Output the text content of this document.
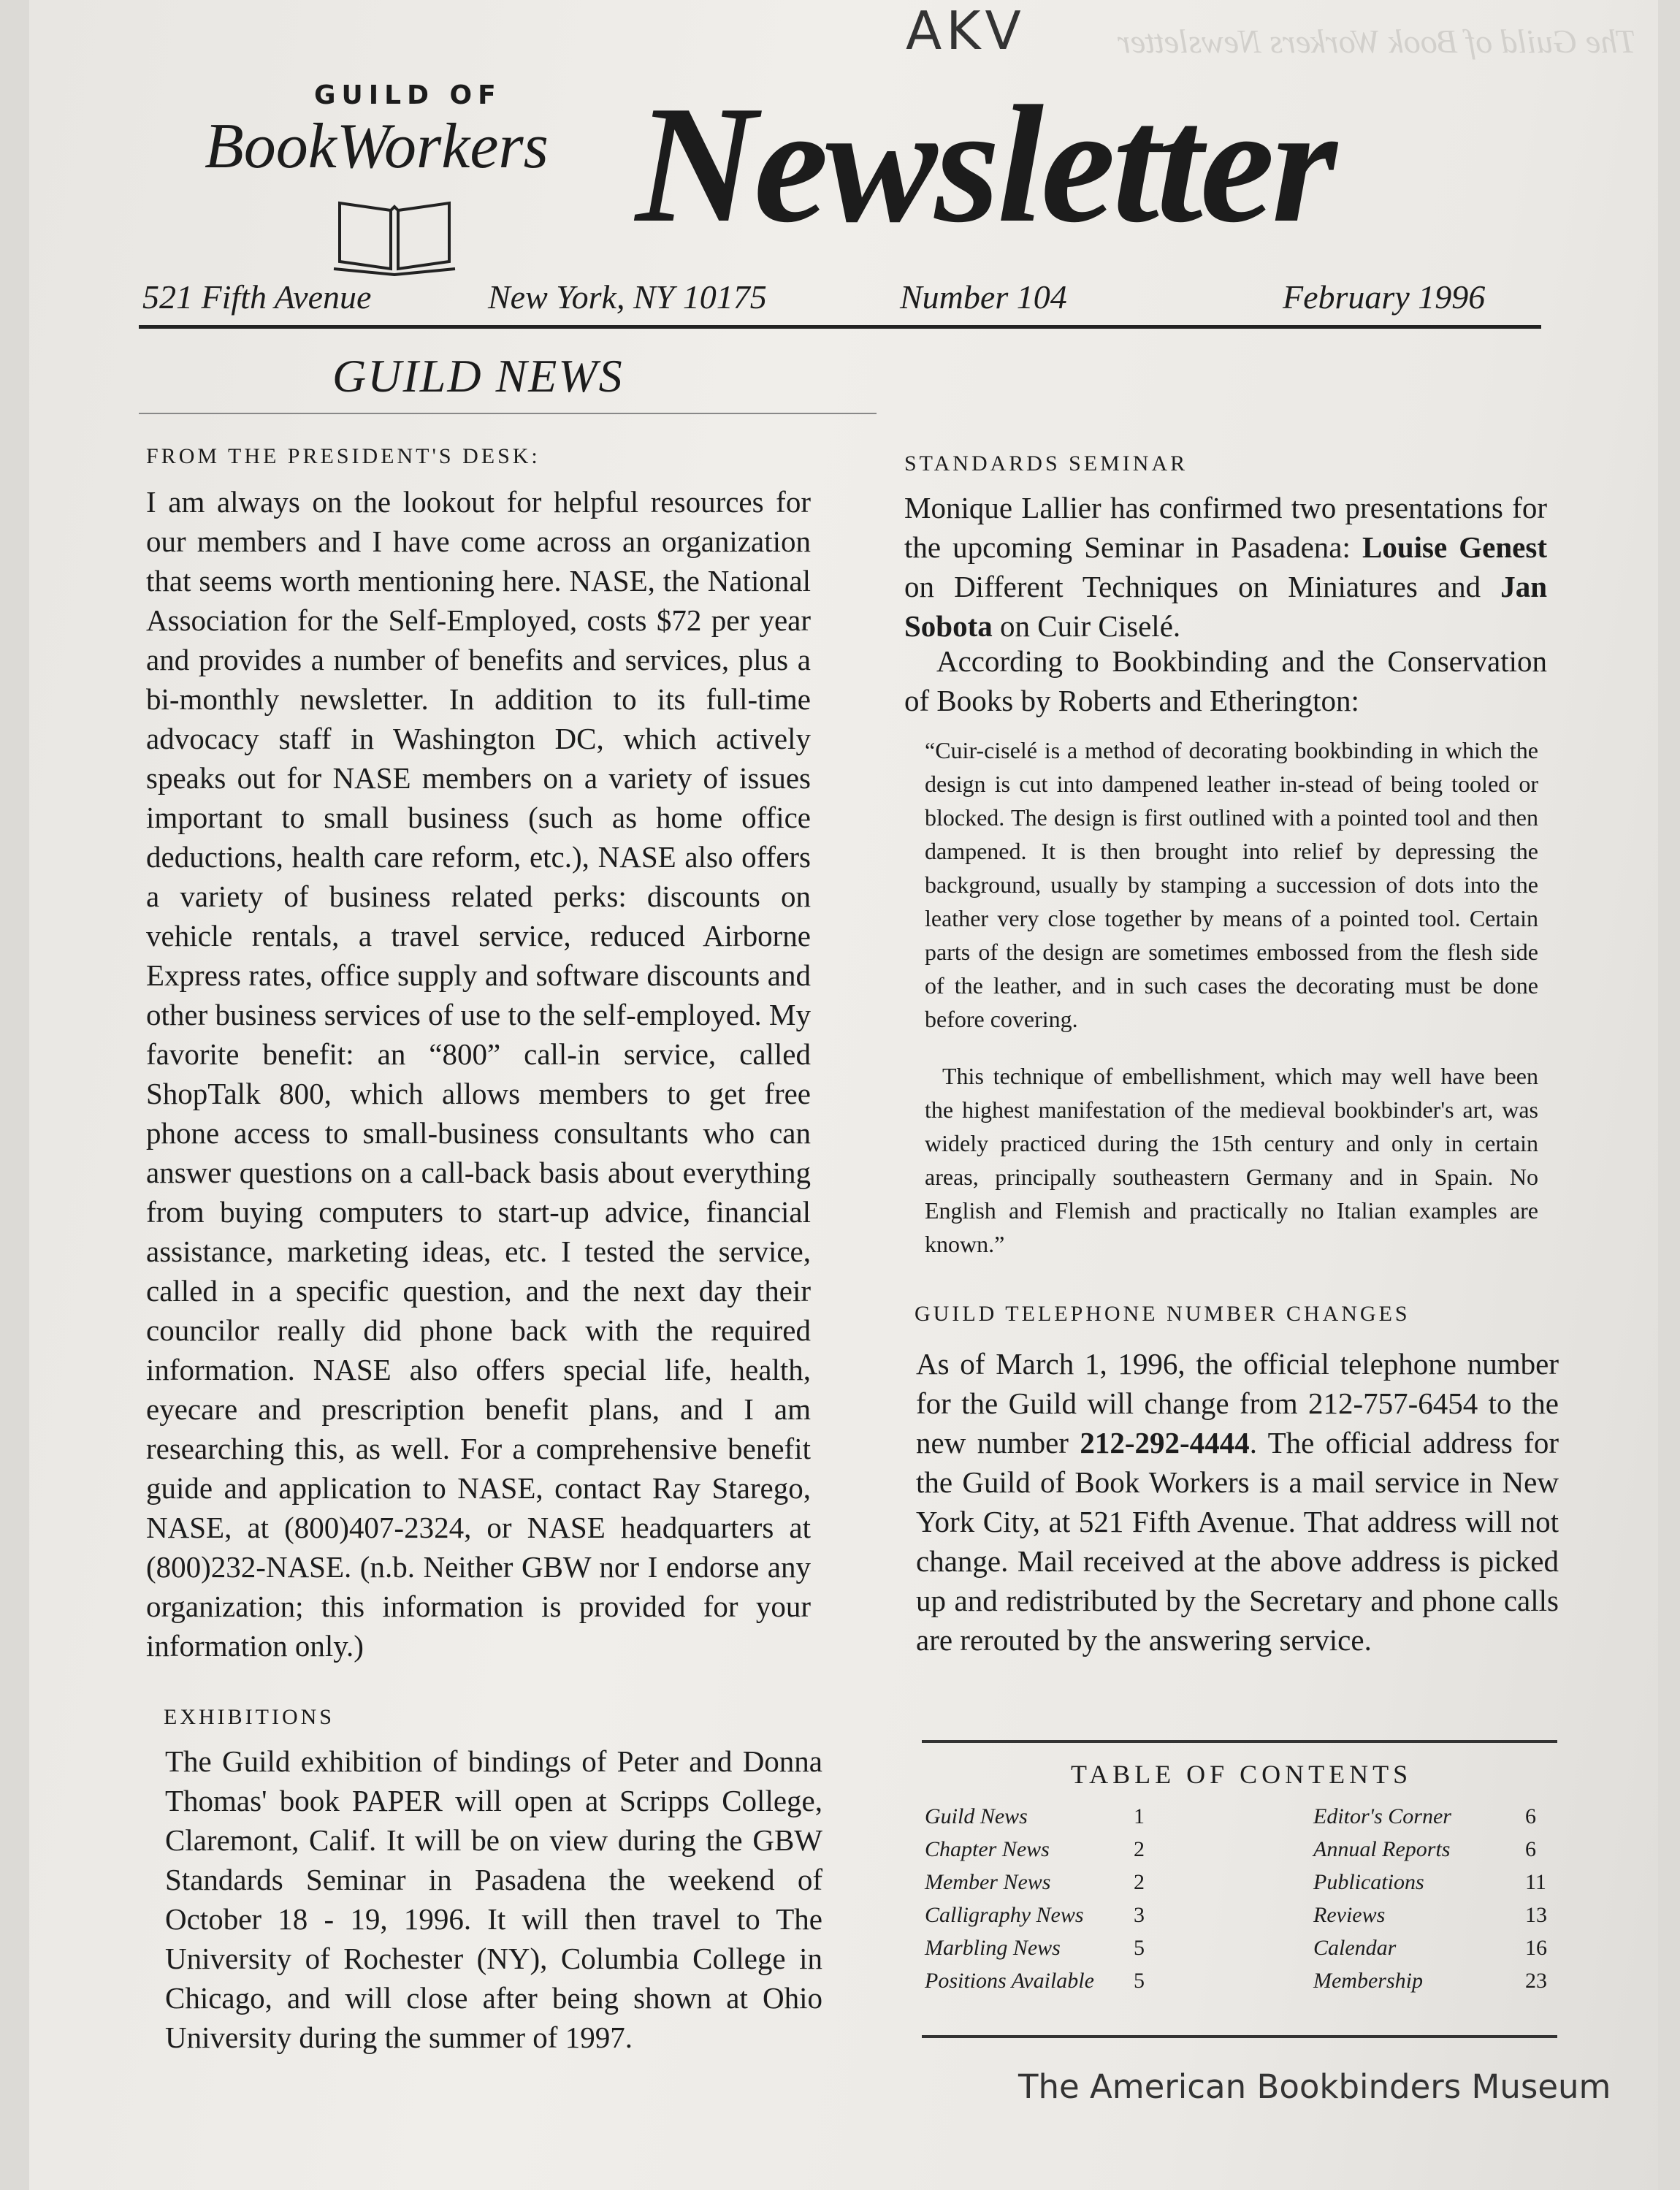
The Guild of Book Workers Newsletter
AKV
GUILD OF
BookWorkers Newsletter
521 Fifth Avenue	New York, NY 10175	Number 104	February 1996
GUILD NEWS
FROM THE PRESIDENT'S DESK:
I am always on the lookout for helpful resources for our members and I have come across an organization that seems worth mentioning here. NASE, the National Association for the Self-Employed, costs $72 per year and provides a number of benefits and services, plus a bi-monthly newsletter. In addition to its full-time advocacy staff in Washington DC, which actively speaks out for NASE members on a variety of issues important to small business (such as home office deductions, health care reform, etc.), NASE also offers a variety of business related perks: discounts on vehicle rentals, a travel service, reduced Airborne Express rates, office supply and software discounts and other business services of use to the self-employed. My favorite benefit: an “800” call-in service, called ShopTalk 800, which allows members to get free phone access to small-business consultants who can answer questions on a call-back basis about everything from buying computers to start-up advice, financial assistance, marketing ideas, etc. I tested the service, called in a specific question, and the next day their councilor really did phone back with the required information. NASE also offers special life, health, eyecare and prescription benefit plans, and I am researching this, as well. For a comprehensive benefit guide and application to NASE, contact Ray Starego, NASE, at (800)407-2324, or NASE headquarters at (800)232-NASE. (n.b. Neither GBW nor I endorse any organization; this information is provided for your information only.)
EXHIBITIONS
The Guild exhibition of bindings of Peter and Donna Thomas' book PAPER will open at Scripps College, Claremont, Calif. It will be on view during the GBW Standards Seminar in Pasadena the weekend of October 18 - 19, 1996. It will then travel to The University of Rochester (NY), Columbia College in Chicago, and will close after being shown at Ohio University during the summer of 1997.
STANDARDS SEMINAR
Monique Lallier has confirmed two presentations for the upcoming Seminar in Pasadena: Louise Genest on Different Techniques on Miniatures and Jan Sobota on Cuir Ciselé.
According to Bookbinding and the Conservation of Books by Roberts and Etherington:
“Cuir-ciselé is a method of decorating bookbinding in which the design is cut into dampened leather in-stead of being tooled or blocked. The design is first outlined with a pointed tool and then dampened. It is then brought into relief by depressing the background, usually by stamping a succession of dots into the leather very close together by means of a pointed tool. Certain parts of the design are sometimes embossed from the flesh side of the leather, and in such cases the decorating must be done before covering.
This technique of embellishment, which may well have been the highest manifestation of the medieval bookbinder's art, was widely practiced during the 15th century and only in certain areas, principally southeastern Germany and in Spain. No English and Flemish and practically no Italian examples are known.”
GUILD TELEPHONE NUMBER CHANGES
As of March 1, 1996, the official telephone number for the Guild will change from 212-757-6454 to the new number 212-292-4444. The official address for the Guild of Book Workers is a mail service in New York City, at 521 Fifth Avenue. That address will not change. Mail received at the above address is picked up and redistributed by the Secretary and phone calls are rerouted by the answering service.
TABLE OF CONTENTS
Guild News	1
Chapter News	2
Member News	2
Calligraphy News 3
Marbling News	5
Positions Available 5
Editor's Corner	6
Annual Reports	6
Publications	11
Reviews	13
Calendar	16
Membership	23
The American Bookbinders Museum
